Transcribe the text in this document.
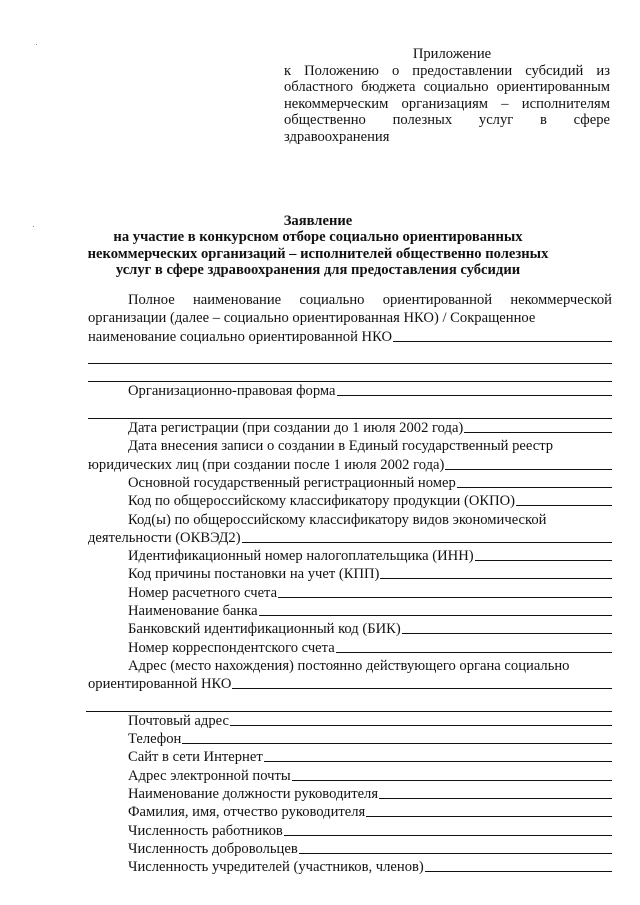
Приложение
к Положению о предоставлении субсидий из областного бюджета социально ориентированным некоммерческим организациям – исполнителям общественно полезных услуг в сфере здравоохранения
Заявление
на участие в конкурсном отборе социально ориентированных
некоммерческих организаций – исполнителей общественно полезных
услуг в сфере здравоохранения для предоставления субсидии
Полное наименование социально ориентированной некоммерческой организации (далее – социально ориентированная НКО) / Сокращенное
наименование социально ориентированной НКО
Организационно-правовая форма
Дата регистрации (при создании до 1 июля 2002 года)
Дата внесения записи о создании в Единый государственный реестр
юридических лиц (при создании после 1 июля 2002 года)
Основной государственный регистрационный номер
Код по общероссийскому классификатору продукции (ОКПО)
Код(ы) по общероссийскому классификатору видов экономической
деятельности (ОКВЭД2)
Идентификационный номер налогоплательщика (ИНН)
Код причины постановки на учет (КПП)
Номер расчетного счета
Наименование банка
Банковский идентификационный код (БИК)
Номер корреспондентского счета
Адрес (место нахождения) постоянно действующего органа социально
ориентированной НКО
Почтовый адрес
Телефон
Сайт в сети Интернет
Адрес электронной почты
Наименование должности руководителя
Фамилия, имя, отчество руководителя
Численность работников
Численность добровольцев
Численность учредителей (участников, членов)
